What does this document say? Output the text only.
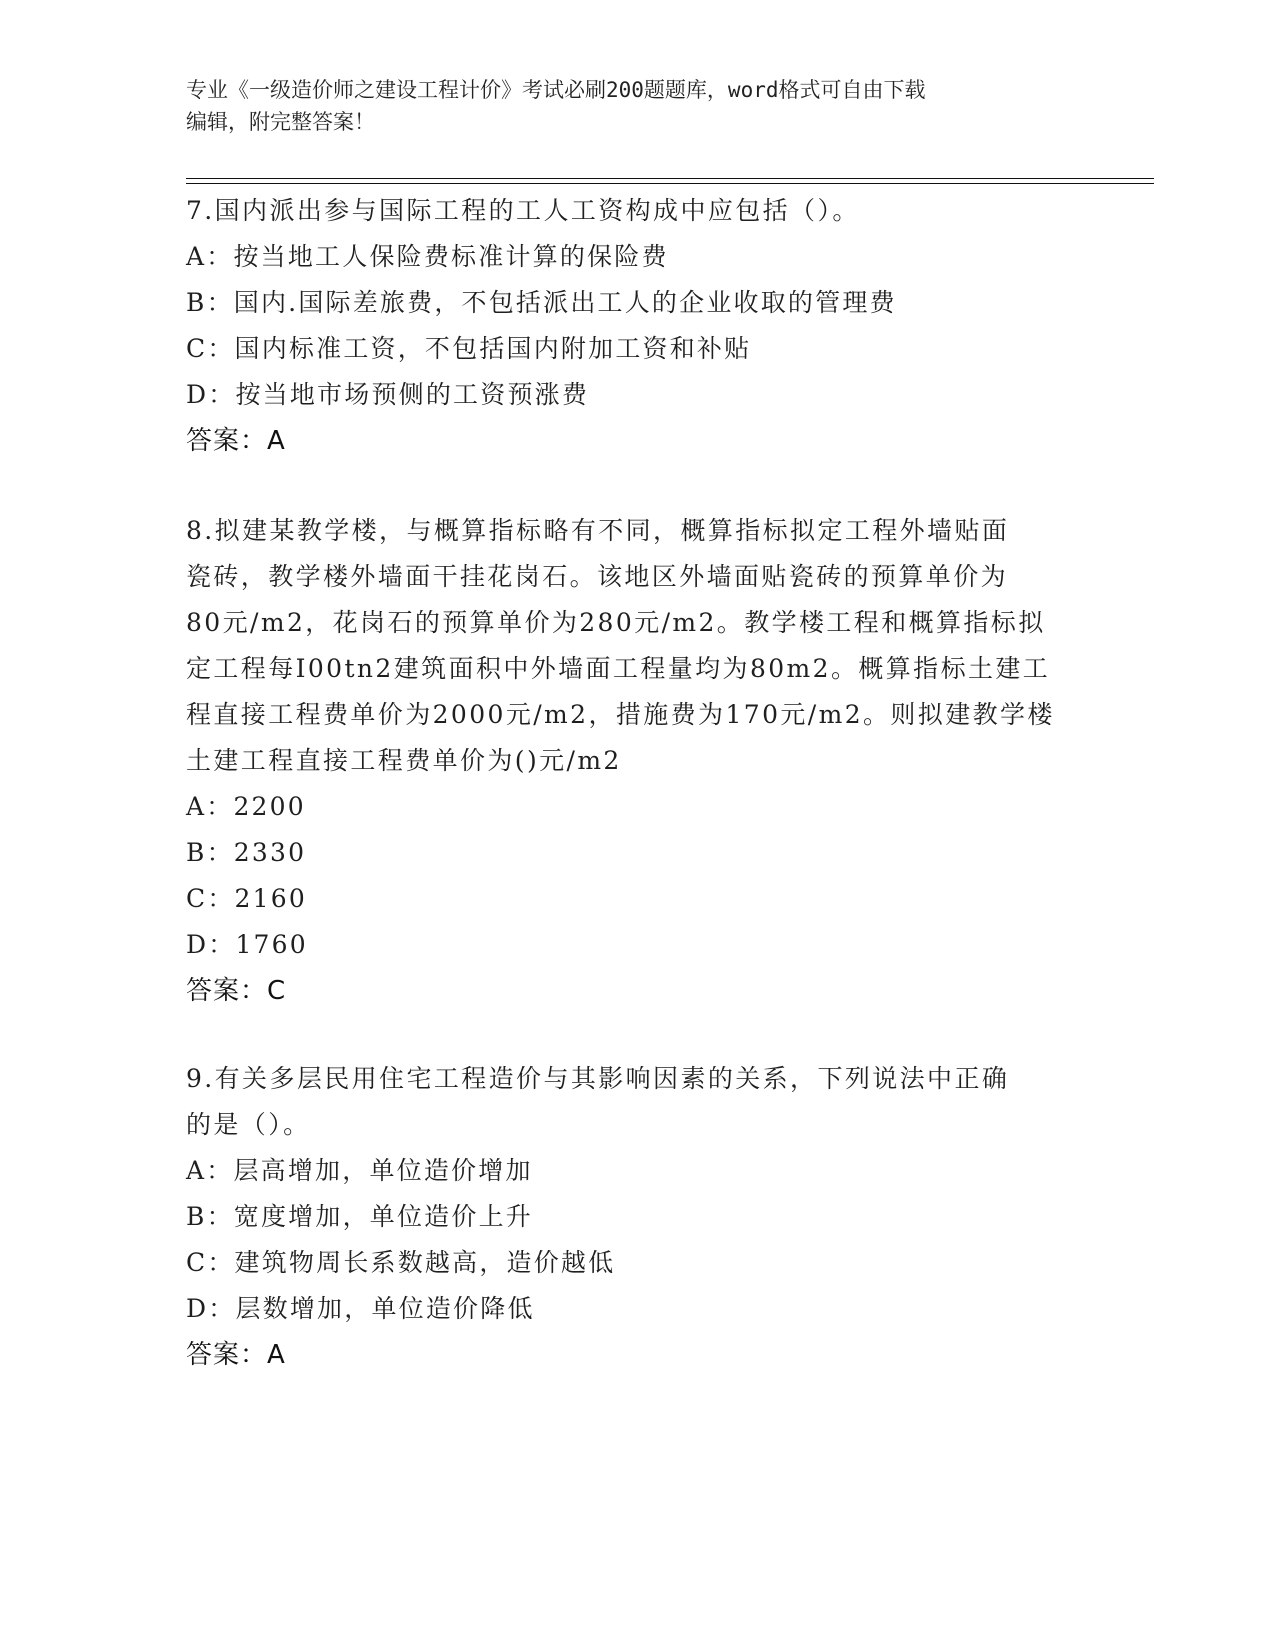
专业《一级造价师之建设工程计价》考试必刷200题题库，word格式可自由下载
编辑，附完整答案！
7.国内派出参与国际工程的工人工资构成中应包括（）。
A：按当地工人保险费标准计算的保险费
B：国内.国际差旅费，不包括派出工人的企业收取的管理费
C：国内标准工资，不包括国内附加工资和补贴
D：按当地市场预侧的工资预涨费
答案：A
8.拟建某教学楼，与概算指标略有不同，概算指标拟定工程外墙贴面
瓷砖，教学楼外墙面干挂花岗石。该地区外墙面贴瓷砖的预算单价为
80元/m2，花岗石的预算单价为280元/m2。教学楼工程和概算指标拟
定工程每I00tn2建筑面积中外墙面工程量均为80m2。概算指标土建工
程直接工程费单价为2000元/m2，措施费为170元/m2。则拟建教学楼
土建工程直接工程费单价为()元/m2
A：2200
B：2330
C：2160
D：1760
答案：C
9.有关多层民用住宅工程造价与其影响因素的关系，下列说法中正确
的是（）。
A：层高增加，单位造价增加
B：宽度增加，单位造价上升
C：建筑物周长系数越高，造价越低
D：层数增加，单位造价降低
答案：A
